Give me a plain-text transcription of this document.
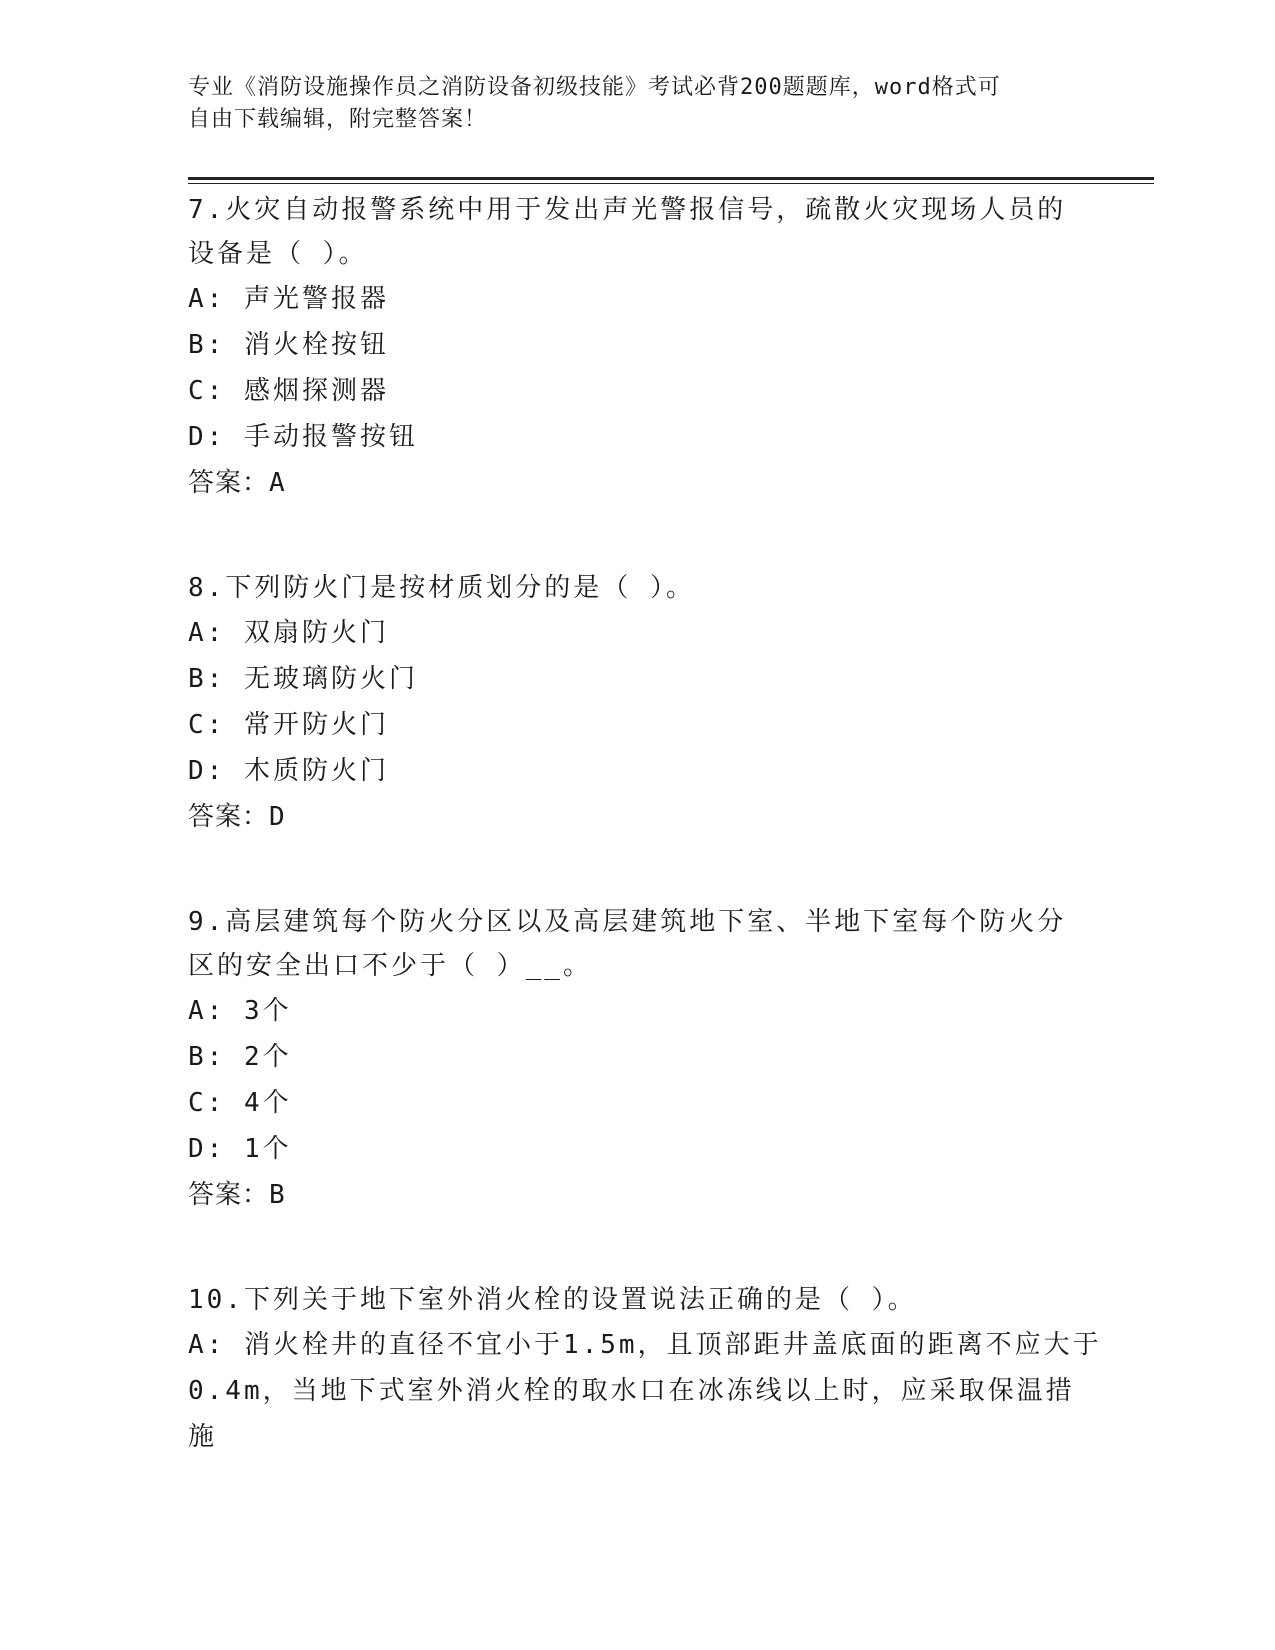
专业《消防设施操作员之消防设备初级技能》考试必背200题题库，word格式可
自由下载编辑，附完整答案！
7.火灾自动报警系统中用于发出声光警报信号，疏散火灾现场人员的
设备是（ ）。
A: 声光警报器
B: 消火栓按钮
C: 感烟探测器
D: 手动报警按钮
答案：A
8.下列防火门是按材质划分的是（ ）。
A: 双扇防火门
B: 无玻璃防火门
C: 常开防火门
D: 木质防火门
答案：D
9.高层建筑每个防火分区以及高层建筑地下室、半地下室每个防火分
区的安全出口不少于（ ）__。
A: 3个
B: 2个
C: 4个
D: 1个
答案：B
10.下列关于地下室外消火栓的设置说法正确的是（ ）。
A: 消火栓井的直径不宜小于1.5m，且顶部距井盖底面的距离不应大于
0.4m，当地下式室外消火栓的取水口在冰冻线以上时，应采取保温措
施
